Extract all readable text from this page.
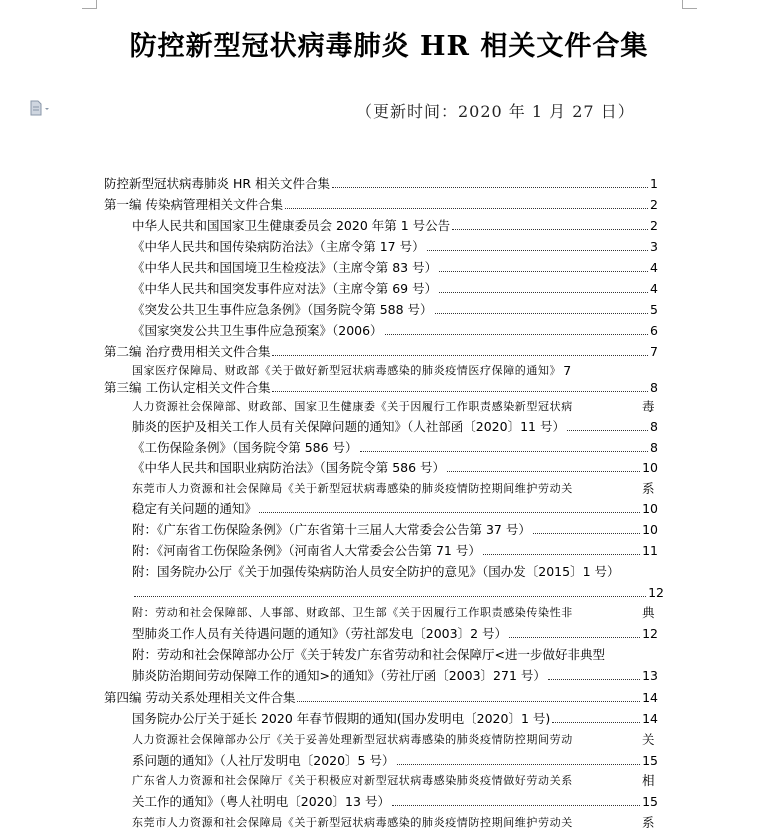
防控新型冠状病毒肺炎 HR 相关文件合集
（更新时间：2020 年 1 月 27 日）
防控新型冠状病毒肺炎 HR 相关文件合集	1
第一编 传染病管理相关文件合集	2
中华人民共和国国家卫生健康委员会 2020 年第 1 号公告	2
《中华人民共和国传染病防治法》（主席令第 17 号）	3
《中华人民共和国国境卫生检疫法》（主席令第 83 号）	4
《中华人民共和国突发事件应对法》（主席令第 69 号）	4
《突发公共卫生事件应急条例》（国务院令第 588 号）	5
《国家突发公共卫生事件应急预案》（2006）	6
第二编 治疗费用相关文件合集	7
国家医疗保障局、财政部《关于做好新型冠状病毒感染的肺炎疫情医疗保障的通知》 7
第三编 工伤认定相关文件合集	8
人力资源社会保障部、财政部、国家卫生健康委《关于因履行工作职责感染新型冠状病	毒
肺炎的医护及相关工作人员有关保障问题的通知》（人社部函〔2020〕11 号）	8
《工伤保险条例》（国务院令第 586 号）	8
《中华人民共和国职业病防治法》（国务院令第 586 号）	10
东莞市人力资源和社会保障局《关于新型冠状病毒感染的肺炎疫情防控期间维护劳动关	系
稳定有关问题的通知》	10
附：《广东省工伤保险条例》（广东省第十三届人大常委会公告第 37 号）	10
附：《河南省工伤保险条例》（河南省人大常委会公告第 71 号）	11
附：国务院办公厅《关于加强传染病防治人员安全防护的意见》（国办发〔2015〕1 号）
12
附：劳动和社会保障部、人事部、财政部、卫生部《关于因履行工作职责感染传染性非	典
型肺炎工作人员有关待遇问题的通知》（劳社部发电〔2003〕2 号）	12
附：劳动和社会保障部办公厅《关于转发广东省劳动和社会保障厅<进一步做好非典型
肺炎防治期间劳动保障工作的通知>的通知》（劳社厅函〔2003〕271 号）	13
第四编 劳动关系处理相关文件合集	14
国务院办公厅关于延长 2020 年春节假期的通知(国办发明电〔2020〕1 号)	14
人力资源社会保障部办公厅《关于妥善处理新型冠状病毒感染的肺炎疫情防控期间劳动	关
系问题的通知》（人社厅发明电〔2020〕5 号）	15
广东省人力资源和社会保障厅《关于积极应对新型冠状病毒感染肺炎疫情做好劳动关系	相
关工作的通知》（粤人社明电〔2020〕13 号）	15
东莞市人力资源和社会保障局《关于新型冠状病毒感染的肺炎疫情防控期间维护劳动关	系
